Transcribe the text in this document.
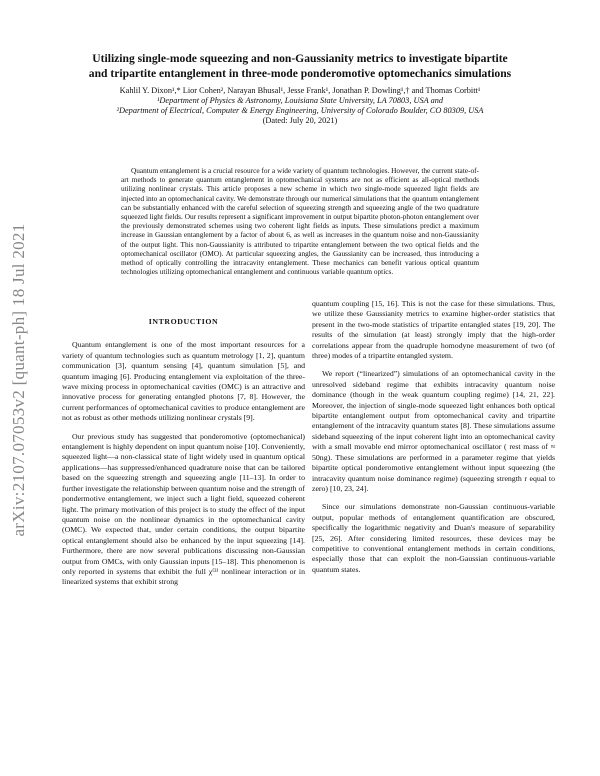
arXiv:2107.07053v2 [quant-ph] 18 Jul 2021
Utilizing single-mode squeezing and non-Gaussianity metrics to investigate bipartite
and tripartite entanglement in three-mode ponderomotive optomechanics simulations
Kahlil Y. Dixon¹,* Lior Cohen², Narayan Bhusal¹, Jesse Frank¹, Jonathan P. Dowling¹,† and Thomas Corbitt¹
¹Department of Physics & Astronomy, Louisiana State University, LA 70803, USA and
²Department of Electrical, Computer & Energy Engineering, University of Colorado Boulder, CO 80309, USA
(Dated: July 20, 2021)

Quantum entanglement is a crucial resource for a wide variety of quantum technologies. However, the current state-of-art methods to generate quantum entanglement in optomechanical systems are not as efficient as all-optical methods utilizing nonlinear crystals. This article proposes a new scheme in which two single-mode squeezed light fields are injected into an optomechanical cavity. We demonstrate through our numerical simulations that the quantum entanglement can be substantially enhanced with the careful selection of squeezing strength and squeezing angle of the two quadrature squeezed light fields. Our results represent a significant improvement in output bipartite photon-photon entanglement over the previously demonstrated schemes using two coherent light fields as inputs. These simulations predict a maximum increase in Gaussian entanglement by a factor of about 6, as well as increases in the quantum noise and non-Gaussianity of the output light. This non-Gaussianity is attributed to tripartite entanglement between the two optical fields and the optomechanical oscillator (OMO). At particular squeezing angles, the Gaussianity can be increased, thus introducing a method of optically controlling the intracavity entanglement. These mechanics can benefit various optical quantum technologies utilizing optomechanical entanglement and continuous variable quantum optics.

INTRODUCTION

Quantum entanglement is one of the most important resources for a variety of quantum technologies such as quantum metrology [1, 2], quantum communication [3], quantum sensing [4], quantum simulation [5], and quantum imaging [6]. Producing entanglement via exploitation of the three-wave mixing process in optomechanical cavities (OMC) is an attractive and innovative process for generating entangled photons [7, 8]. However, the current performances of optomechanical cavities to produce entanglement are not as robust as other methods utilizing nonlinear crystals [9].

Our previous study has suggested that ponderomotive (optomechanical) entanglement is highly dependent on input quantum noise [10]. Conveniently, squeezed light—a non-classical state of light widely used in quantum optical applications—has suppressed/enhanced quadrature noise that can be tailored based on the squeezing strength and squeezing angle [11–13]. In order to further investigate the relationship between quantum noise and the strength of pondermotive entanglement, we inject such a light field, squeezed coherent light. The primary motivation of this project is to study the effect of the input quantum noise on the nonlinear dynamics in the optomechanical cavity (OMC). We expected that, under certain conditions, the output bipartite optical entanglement should also be enhanced by the input squeezing [14]. Furthermore, there are now several publications discussing non-Gaussian output from OMCs, with only Gaussian inputs [15–18]. This phenomenon is only reported in systems that exhibit the full χ⁽³⁾ nonlinear interaction or in linearized systems that exhibit strong

quantum coupling [15, 16]. This is not the case for these simulations. Thus, we utilize these Gaussianity metrics to examine higher-order statistics that present in the two-mode statistics of tripartite entangled states [19, 20]. The results of the simulation (at least) strongly imply that the high-order correlations appear from the quadruple homodyne measurement of two (of three) modes of a tripartite entangled system.

We report (“linearized”) simulations of an optomechanical cavity in the unresolved sideband regime that exhibits intracavity quantum noise dominance (though in the weak quantum coupling regime) [14, 21, 22]. Moreover, the injection of single-mode squeezed light enhances both optical bipartite entanglement output from optomechanical cavity and tripartite entanglement of the intracavity quantum states [8]. These simulations assume sideband squeezing of the input coherent light into an optomechanical cavity with a small movable end mirror optomechanical oscillator ( rest mass of ≈ 50ng). These simulations are performed in a parameter regime that yields bipartite optical ponderomotive entanglement without input squeezing (the intracavity quantum noise dominance regime) (squeezing strength r equal to zero) [10, 23, 24].

Since our simulations demonstrate non-Gaussian continuous-variable output, popular methods of entanglement quantification are obscured, specifically the logarithmic negativity and Duan's measure of separability [25, 26]. After considering limited resources, these devices may be competitive to conventional entanglement methods in certain conditions, especially those that can exploit the non-Gaussian continuous-variable quantum states.
